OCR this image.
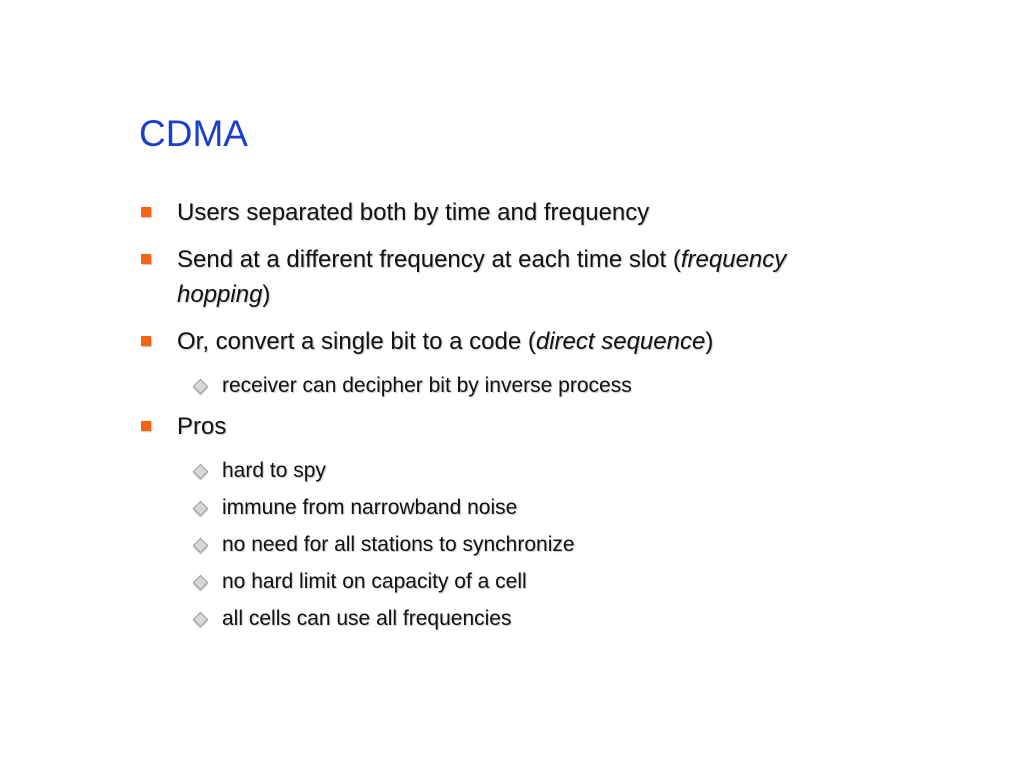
CDMA
Users separated both by time and frequency
Send at a different frequency at each time slot (frequency
hopping)
Or, convert a single bit to a code (direct sequence)
receiver can decipher bit by inverse process
Pros
hard to spy
immune from narrowband noise
no need for all stations to synchronize
no hard limit on capacity of a cell
all cells can use all frequencies
